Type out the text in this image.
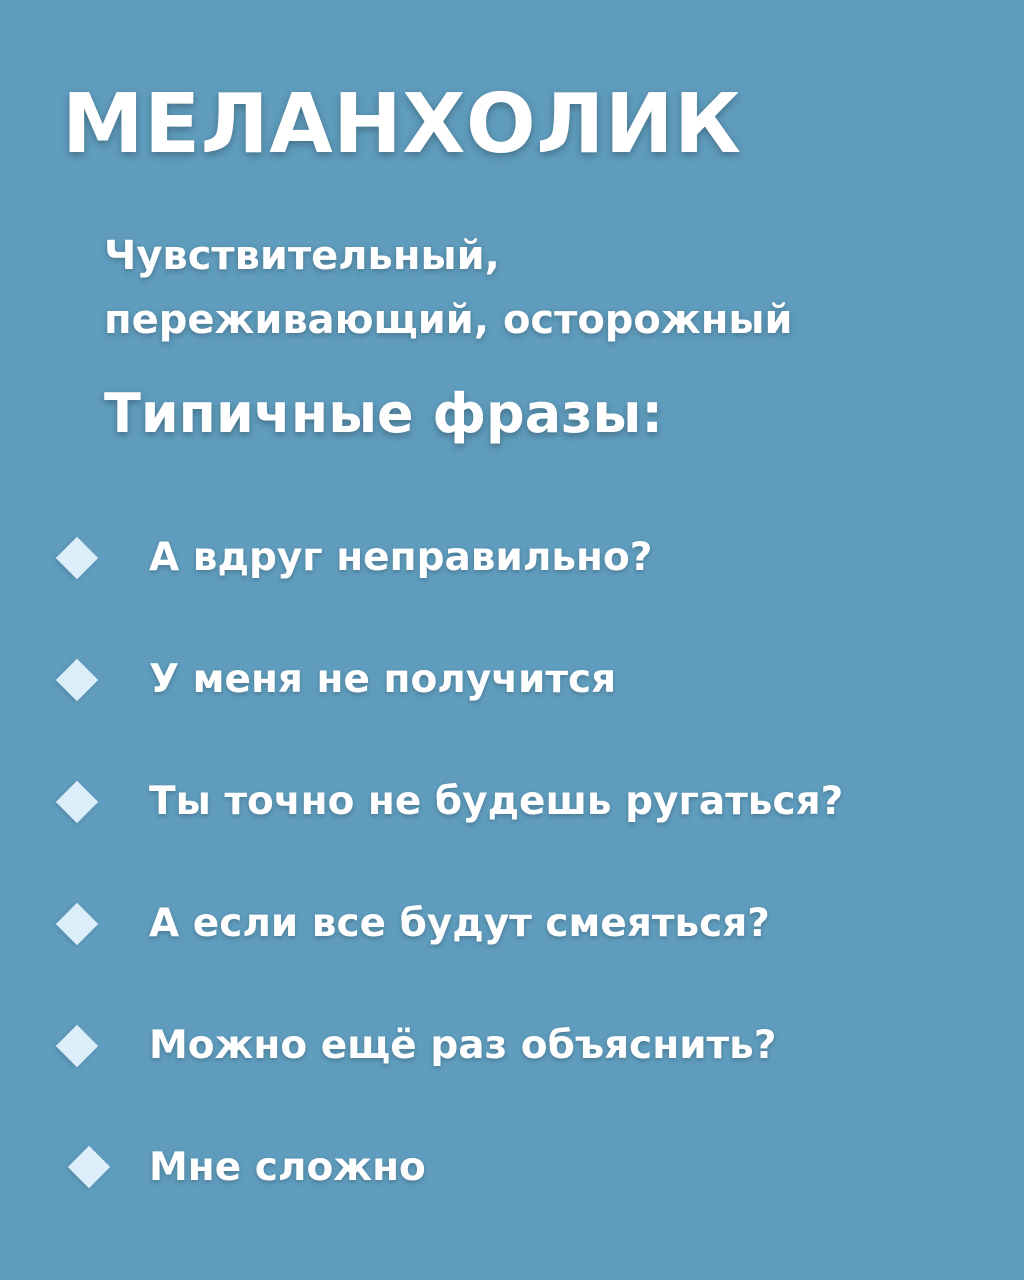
МЕЛАНХОЛИК

Чувствительный,
переживающий, осторожный

Типичные фразы:
А вдруг неправильно?
У меня не получится
Ты точно не будешь ругаться?
А если все будут смеяться?
Можно ещё раз объяснить?
Мне сложно
